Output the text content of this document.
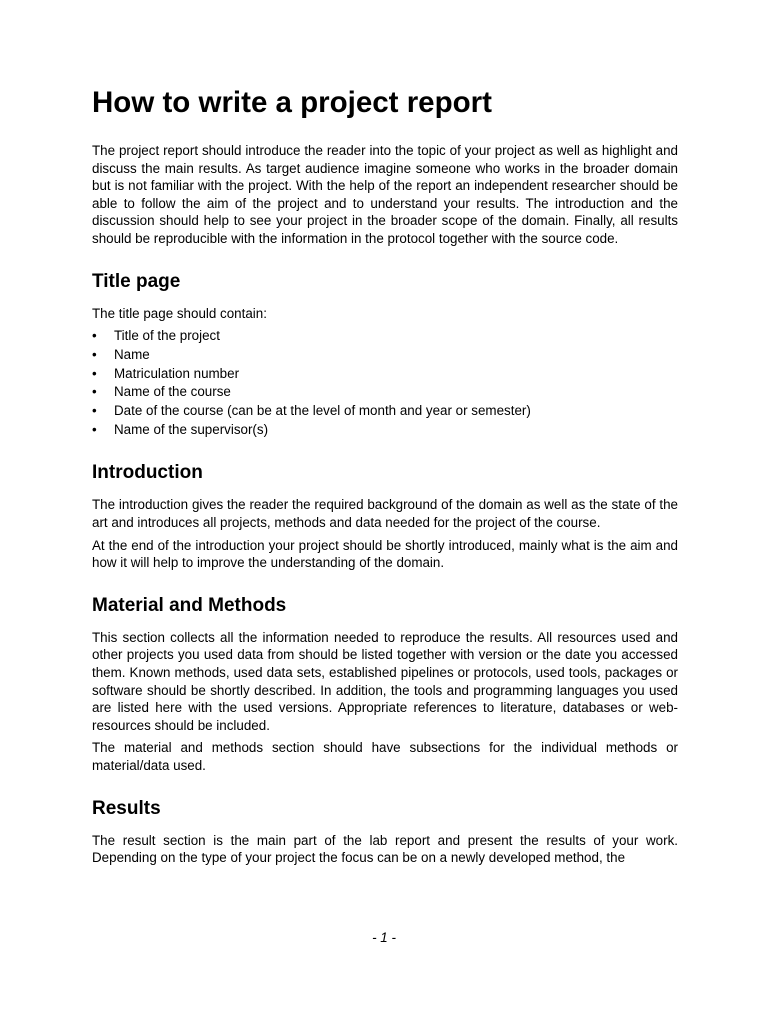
How to write a project report

The project report should introduce the reader into the topic of your project as well as highlight and discuss the main results. As target audience imagine someone who works in the broader domain but is not familiar with the project. With the help of the report an independent researcher should be able to follow the aim of the project and to understand your results. The introduction and the discussion should help to see your project in the broader scope of the domain. Finally, all results should be reproducible with the information in the protocol together with the source code.

Title page

The title page should contain:

• Title of the project
• Name
• Matriculation number
• Name of the course
• Date of the course (can be at the level of month and year or semester)
• Name of the supervisor(s)
Introduction

The introduction gives the reader the required background of the domain as well as the state of the art and introduces all projects, methods and data needed for the project of the course.

At the end of the introduction your project should be shortly introduced, mainly what is the aim and how it will help to improve the understanding of the domain.

Material and Methods

This section collects all the information needed to reproduce the results. All resources used and other projects you used data from should be listed together with version or the date you accessed them. Known methods, used data sets, established pipelines or protocols, used tools, packages or software should be shortly described. In addition, the tools and programming languages you used are listed here with the used versions. Appropriate references to literature, databases or web-resources should be included.

The material and methods section should have subsections for the individual methods or material/data used.

Results

The result section is the main part of the lab report and present the results of your work. Depending on the type of your project the focus can be on a newly developed method, the

- 1 -
